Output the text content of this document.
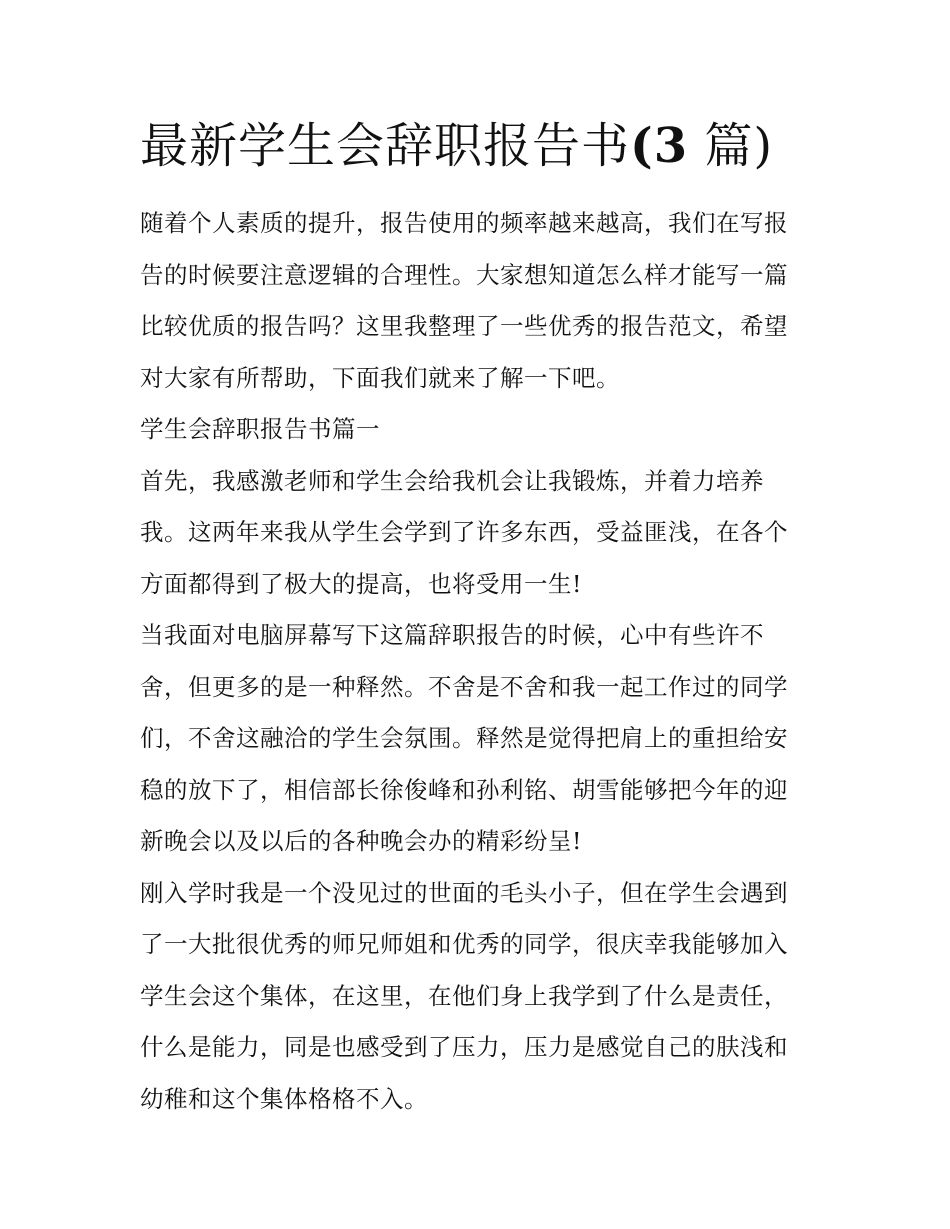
最新学生会辞职报告书(3 篇)

随着个人素质的提升，报告使用的频率越来越高，我们在写报

告的时候要注意逻辑的合理性。大家想知道怎么样才能写一篇

比较优质的报告吗？这里我整理了一些优秀的报告范文，希望

对大家有所帮助，下面我们就来了解一下吧。

学生会辞职报告书篇一

首先，我感激老师和学生会给我机会让我锻炼，并着力培养

我。这两年来我从学生会学到了许多东西，受益匪浅，在各个

方面都得到了极大的提高，也将受用一生!

当我面对电脑屏幕写下这篇辞职报告的时候，心中有些许不

舍，但更多的是一种释然。不舍是不舍和我一起工作过的同学

们，不舍这融洽的学生会氛围。释然是觉得把肩上的重担给安

稳的放下了，相信部长徐俊峰和孙利铭、胡雪能够把今年的迎

新晚会以及以后的各种晚会办的精彩纷呈!

刚入学时我是一个没见过的世面的毛头小子，但在学生会遇到

了一大批很优秀的师兄师姐和优秀的同学，很庆幸我能够加入

学生会这个集体，在这里，在他们身上我学到了什么是责任，

什么是能力，同是也感受到了压力，压力是感觉自己的肤浅和

幼稚和这个集体格格不入。
